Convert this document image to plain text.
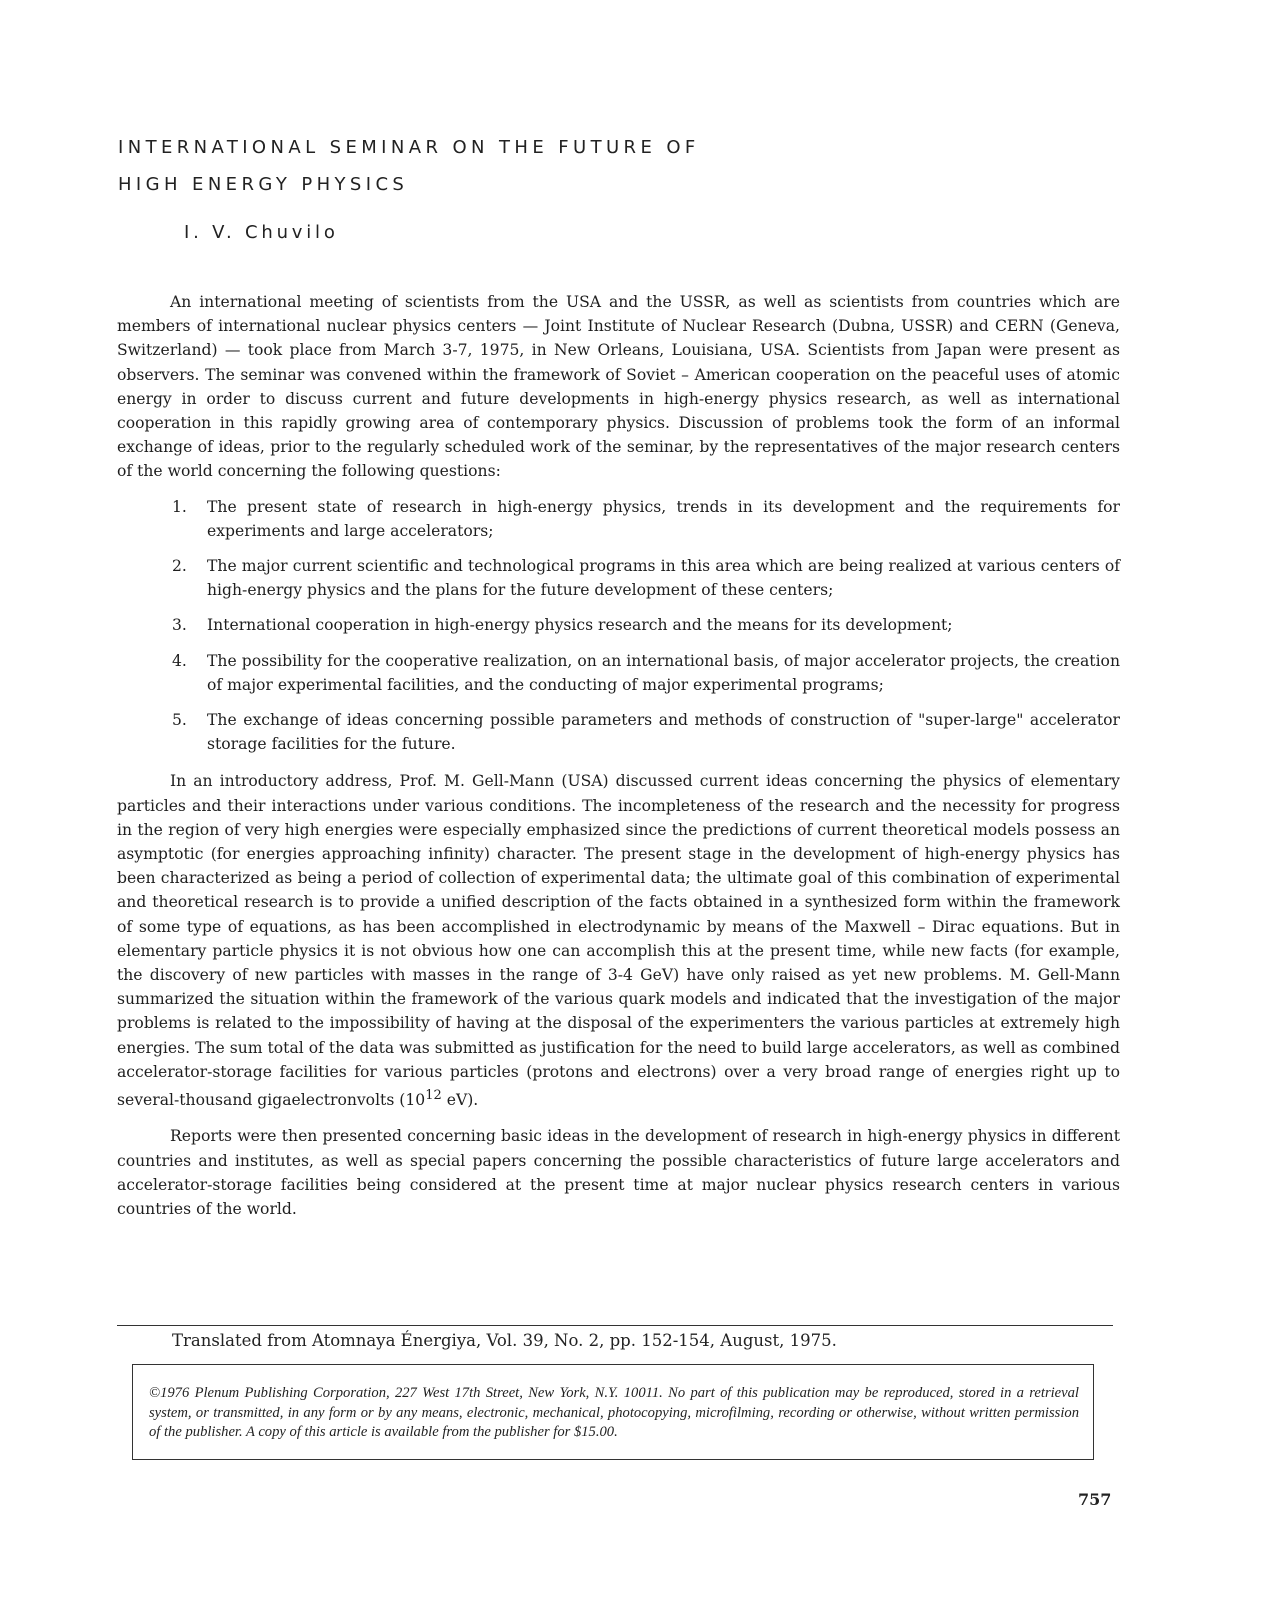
INTERNATIONAL SEMINAR ON THE FUTURE OF
HIGH ENERGY PHYSICS
I. V. Chuvilo

An international meeting of scientists from the USA and the USSR, as well as scientists from countries which are members of international nuclear physics centers — Joint Institute of Nuclear Research (Dubna, USSR) and CERN (Geneva, Switzerland) — took place from March 3-7, 1975, in New Orleans, Louisiana, USA. Scientists from Japan were present as observers. The seminar was convened within the framework of Soviet – American cooperation on the peaceful uses of atomic energy in order to discuss current and future developments in high-energy physics research, as well as international cooperation in this rapidly growing area of contemporary physics. Discussion of problems took the form of an informal exchange of ideas, prior to the regularly scheduled work of the seminar, by the representatives of the major research centers of the world concerning the following questions:

1. The present state of research in high-energy physics, trends in its development and the requirements for experiments and large accelerators;
2. The major current scientific and technological programs in this area which are being realized at various centers of high-energy physics and the plans for the future development of these centers;
3. International cooperation in high-energy physics research and the means for its development;
4. The possibility for the cooperative realization, on an international basis, of major accelerator projects, the creation of major experimental facilities, and the conducting of major experimental programs;
5. The exchange of ideas concerning possible parameters and methods of construction of "super-large" accelerator storage facilities for the future.

In an introductory address, Prof. M. Gell-Mann (USA) discussed current ideas concerning the physics of elementary particles and their interactions under various conditions. The incompleteness of the research and the necessity for progress in the region of very high energies were especially emphasized since the predictions of current theoretical models possess an asymptotic (for energies approaching infinity) character. The present stage in the development of high-energy physics has been characterized as being a period of collection of experimental data; the ultimate goal of this combination of experimental and theoretical research is to provide a unified description of the facts obtained in a synthesized form within the framework of some type of equations, as has been accomplished in electrodynamic by means of the Maxwell – Dirac equations. But in elementary particle physics it is not obvious how one can accomplish this at the present time, while new facts (for example, the discovery of new particles with masses in the range of 3-4 GeV) have only raised as yet new problems. M. Gell-Mann summarized the situation within the framework of the various quark models and indicated that the investigation of the major problems is related to the impossibility of having at the disposal of the experimenters the various particles at extremely high energies. The sum total of the data was submitted as justification for the need to build large accelerators, as well as combined accelerator-storage facilities for various particles (protons and electrons) over a very broad range of energies right up to several-thousand gigaelectronvolts ($10^{12}$ eV).

Reports were then presented concerning basic ideas in the development of research in high-energy physics in different countries and institutes, as well as special papers concerning the possible characteristics of future large accelerators and accelerator-storage facilities being considered at the present time at major nuclear physics research centers in various countries of the world.

Translated from Atomnaya Énergiya, Vol. 39, No. 2, pp. 152-154, August, 1975.

©1976 Plenum Publishing Corporation, 227 West 17th Street, New York, N.Y. 10011. No part of this publication may be reproduced, stored in a retrieval system, or transmitted, in any form or by any means, electronic, mechanical, photocopying, microfilming, recording or otherwise, without written permission of the publisher. A copy of this article is available from the publisher for $15.00.

757
